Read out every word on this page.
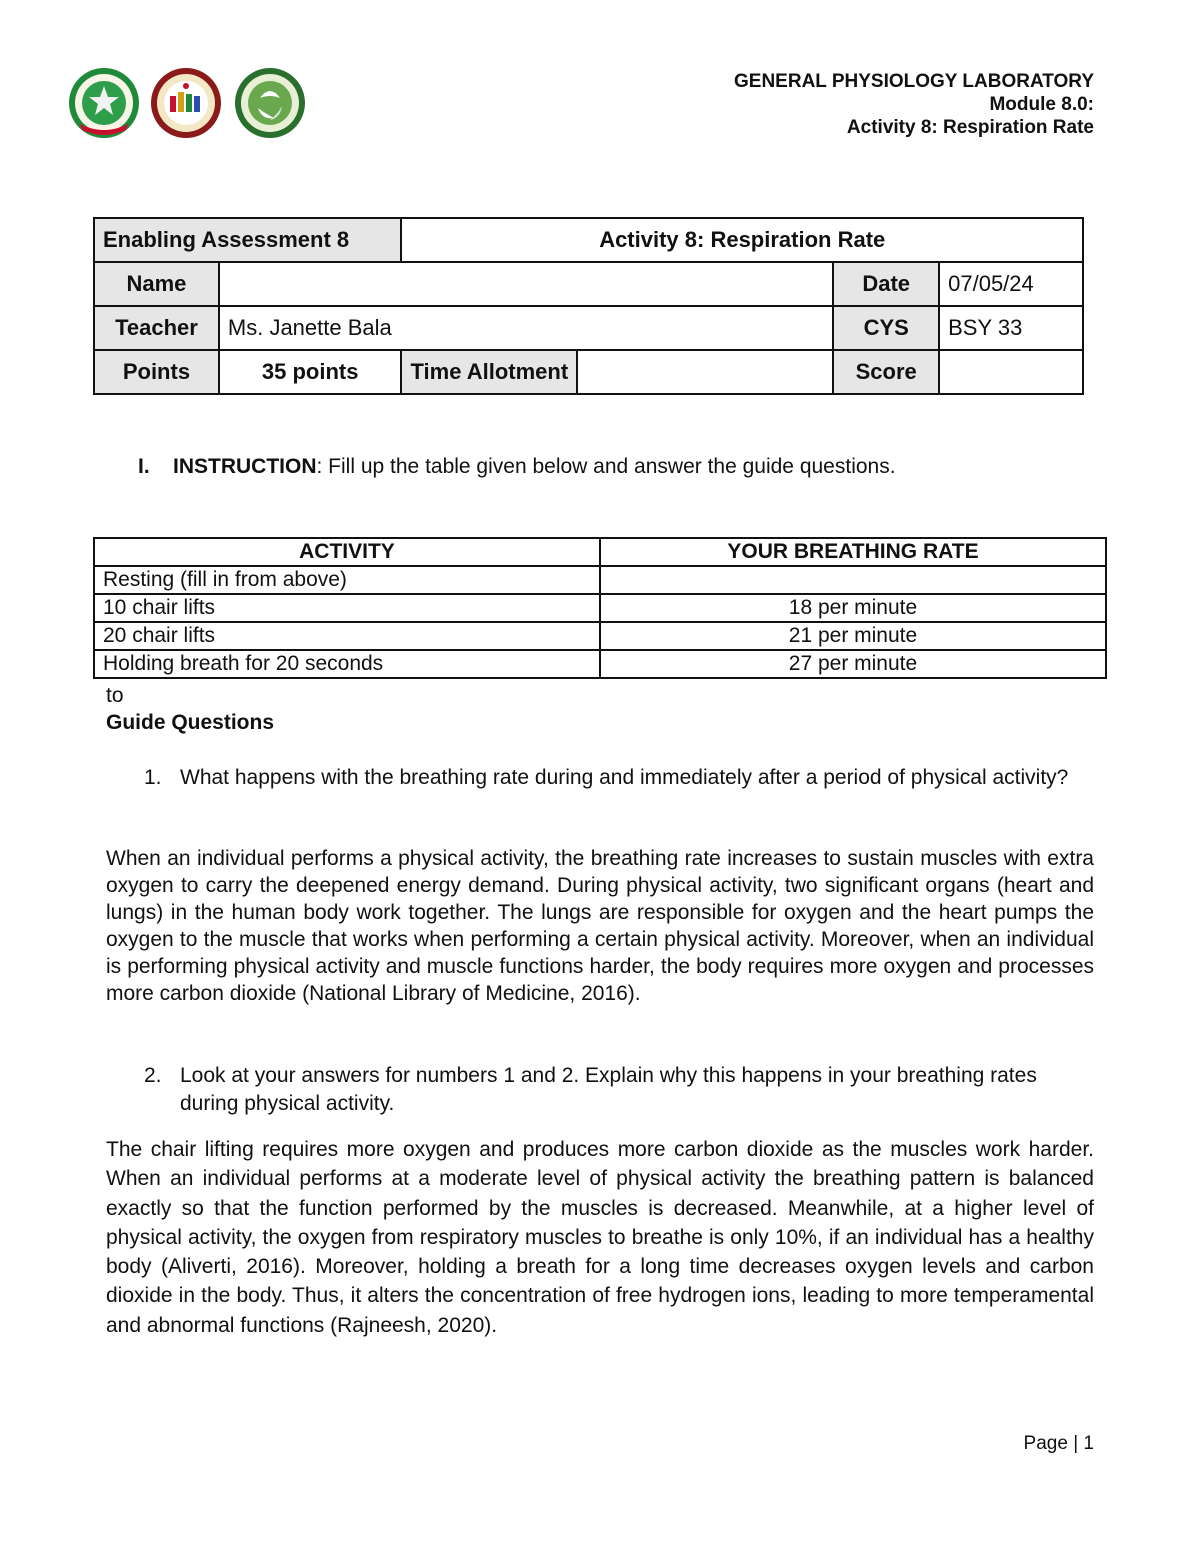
GENERAL PHYSIOLOGY LABORATORY
Module 8.0:
Activity 8: Respiration Rate
Enabling Assessment 8		Activity 8: Respiration Rate			
Name				Date	07/05/24
Teacher	Ms. Janette Bala			CYS	BSY 33
Points	35 points	Time Allotment		Score	
I. INSTRUCTION: Fill up the table given below and answer the guide questions.
ACTIVITY	YOUR BREATHING RATE
Resting (fill in from above)	
10 chair lifts	18 per minute
20 chair lifts	21 per minute
Holding breath for 20 seconds	27 per minute
to
Guide Questions
1. What happens with the breathing rate during and immediately after a period of physical activity?
When an individual performs a physical activity, the breathing rate increases to sustain muscles with extra oxygen to carry the deepened energy demand. During physical activity, two significant organs (heart and lungs) in the human body work together. The lungs are responsible for oxygen and the heart pumps the oxygen to the muscle that works when performing a certain physical activity. Moreover, when an individual is performing physical activity and muscle functions harder, the body requires more oxygen and processes more carbon dioxide (National Library of Medicine, 2016).
2. Look at your answers for numbers 1 and 2. Explain why this happens in your breathing rates during physical activity.
The chair lifting requires more oxygen and produces more carbon dioxide as the muscles work harder. When an individual performs at a moderate level of physical activity the breathing pattern is balanced exactly so that the function performed by the muscles is decreased. Meanwhile, at a higher level of physical activity, the oxygen from respiratory muscles to breathe is only 10%, if an individual has a healthy body (Aliverti, 2016). Moreover, holding a breath for a long time decreases oxygen levels and carbon dioxide in the body. Thus, it alters the concentration of free hydrogen ions, leading to more temperamental and abnormal functions (Rajneesh, 2020).
Page | 1
